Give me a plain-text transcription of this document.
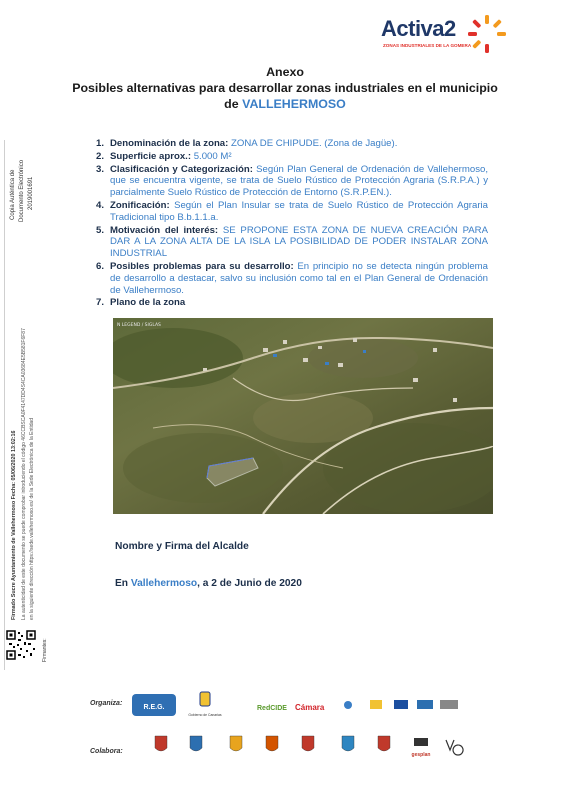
Activa2
ZONAS INDUSTRIALES DE LA GOMERA
Anexo
Posibles alternativas para desarrollar zonas industriales en el municipio
de VALLEHERMOSO
1. Denominación de la zona: ZONA DE CHIPUDE. (Zona de Jagüe).
2. Superficie aprox.: 5.000 M²
3. Clasificación y Categorización: Según Plan General de Ordenación de Vallehermoso, que se encuentra vigente, se trata de Suelo Rústico de Protección Agraria (S.R.P.A.) y parcialmente Suelo Rústico de Protección de Entorno (S.R.P.EN.).
4. Zonificación: Según el Plan Insular se trata de Suelo Rústico de Protección Agraria Tradicional tipo B.b.1.1.a.
5. Motivación del interés: SE PROPONE ESTA ZONA DE NUEVA CREACIÓN PARA DAR A LA ZONA ALTA DE LA ISLA LA POSIBILIDAD DE PODER INSTALAR ZONA INDUSTRIAL
6. Posibles problemas para su desarrollo: En principio no se detecta ningún problema de desarrollo a destacar, salvo su inclusión como tal en el Plan General de Ordenación de Vallehermoso.
7. Plano de la zona
N LEGEND / SIGLAS
Nombre y Firma del Alcalde
En Vallehermoso, a 2 de Junio de 2020
Copia Auténtica de Documento Electrónico 2019001691
Firmado Sucre Ayuntamiento de Vallehermoso Fecha: 05/06/2020 13:02:16 La autenticidad de este documento se puede comprobar introduciendo el código 46CCBSCA0F4147DD4S4CA03684E5B581F6F87 en la siguiente dirección https://sede.vallehermoso.es/ de la Sede Electrónica de la Entidad
Firmantes:
Organiza:
R.E.G.
Gobierno de Canarias
RedCIDE Cámara
Colabora:	gesplan
